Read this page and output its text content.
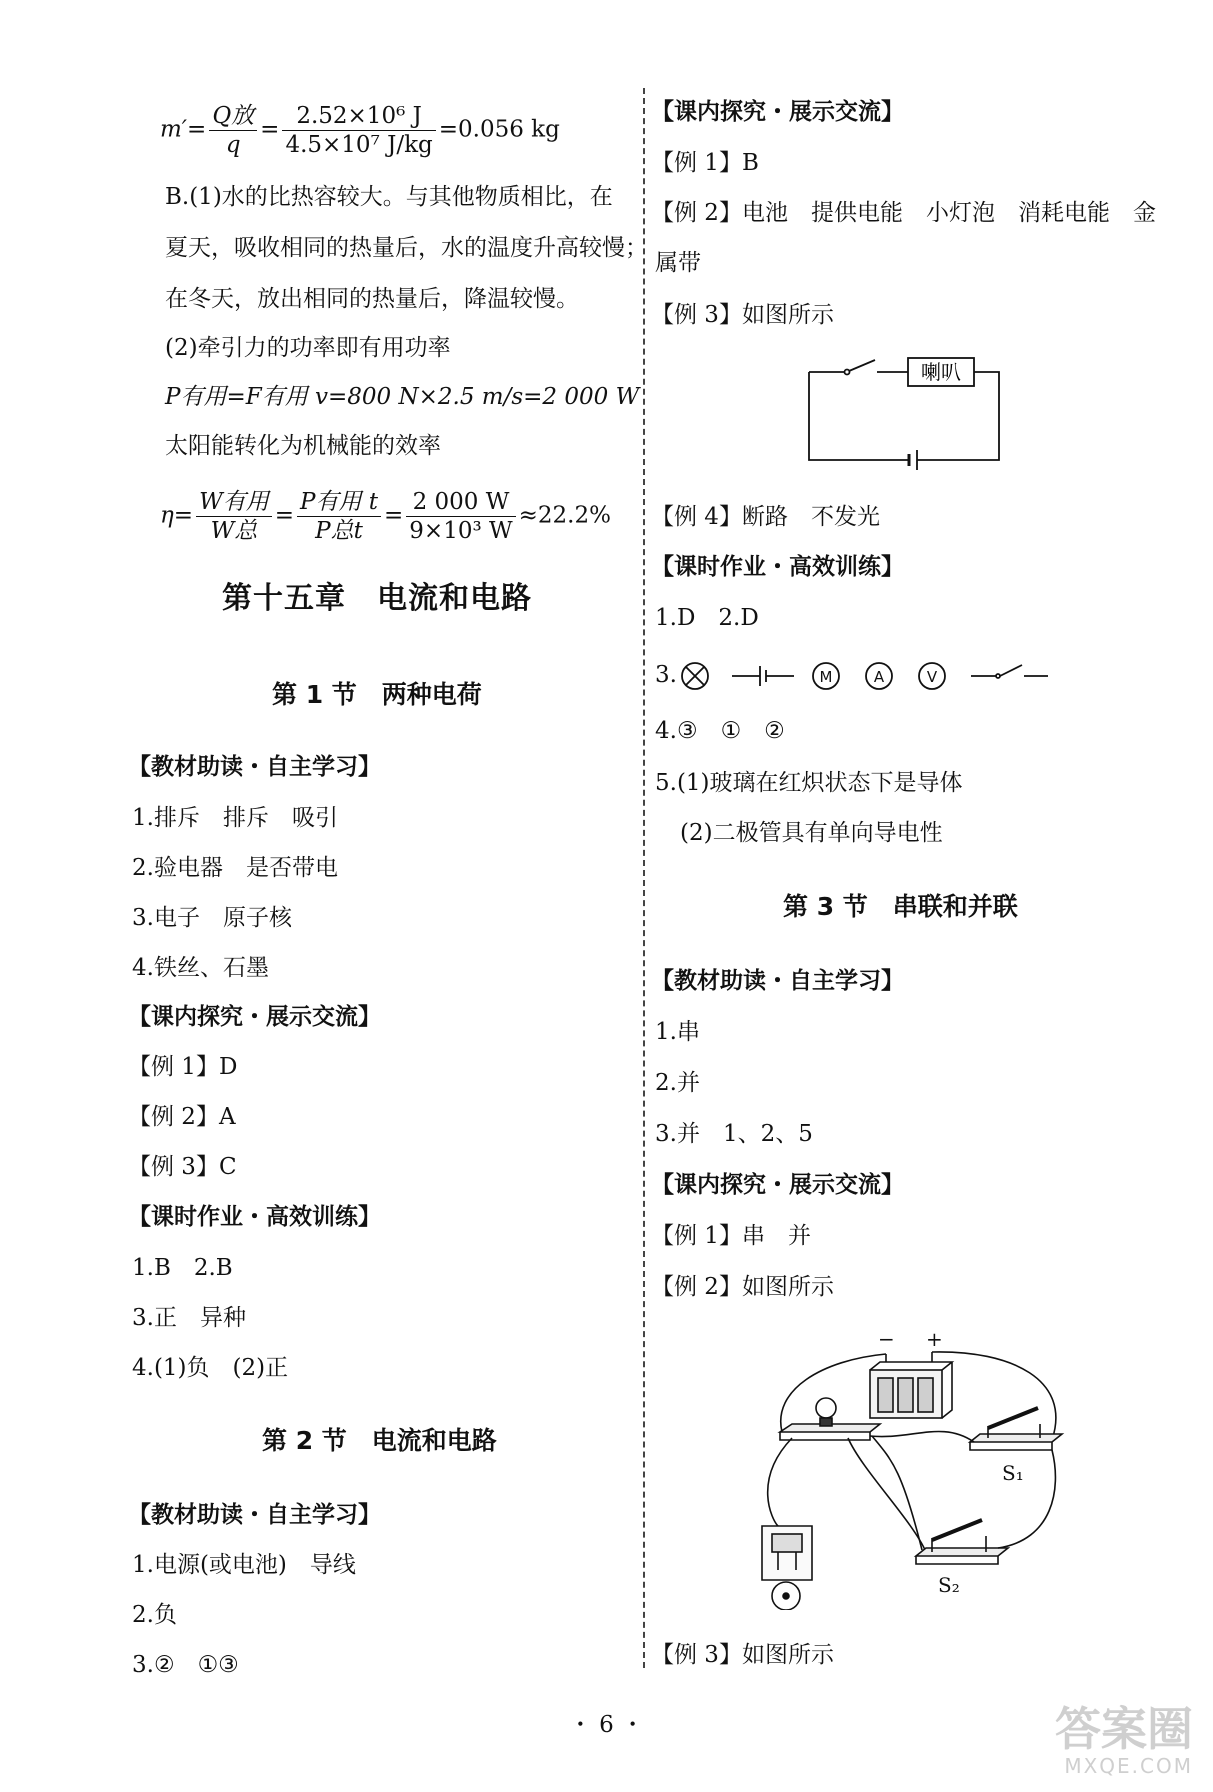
$m'= \frac{\text{Q放}}{q} = \frac{\text{2.52×10⁶ J}}{\text{4.5×10⁷ J/kg}} =0.056$ kg
B.(1)水的比热容较大。与其他物质相比，在
夏天，吸收相同的热量后，水的温度升高较慢；
在冬天，放出相同的热量后，降温较慢。
(2)牵引力的功率即有用功率
P有用=F有用 v=800 N×2.5 m/s=2 000 W
太阳能转化为机械能的效率
$\eta= \frac{\text{W有用}}{\text{W总}} = \frac{\text{P有用 t}}{\text{P总t}} = \frac{2 000 W}{\text{9×10³ W}} \approx 22.2\%$
第十五章　电流和电路
第 1 节　两种电荷
【教材助读・自主学习】
1.排斥　排斥　吸引
2.验电器　是否带电
3.电子　原子核
4.铁丝、石墨
【课内探究・展示交流】
【例 1】D
【例 2】A
【例 3】C
【课时作业・高效训练】
1.B　2.B
3.正　异种
4.(1)负　(2)正
第 2 节　电流和电路
【教材助读・自主学习】
1.电源(或电池)　导线
2.负
3.②　①③
【课内探究・展示交流】
【例 1】B
【例 2】电池　提供电能　小灯泡　消耗电能　金
属带
【例 3】如图所示
喇叭
【例 4】断路　不发光
【课时作业・高效训练】
1.D　2.D
3.	M	A	V
4.③　①　②
5.(1)玻璃在红炽状态下是导体
(2)二极管具有单向导电性
第 3 节　串联和并联
【教材助读・自主学习】
1.串
2.并
3.并　1、2、5
【课内探究・展示交流】
【例 1】串　并
【例 2】如图所示
− +
S₁
S₂
【例 3】如图所示
・ 6 ・	答案圈
MXQE.COM
